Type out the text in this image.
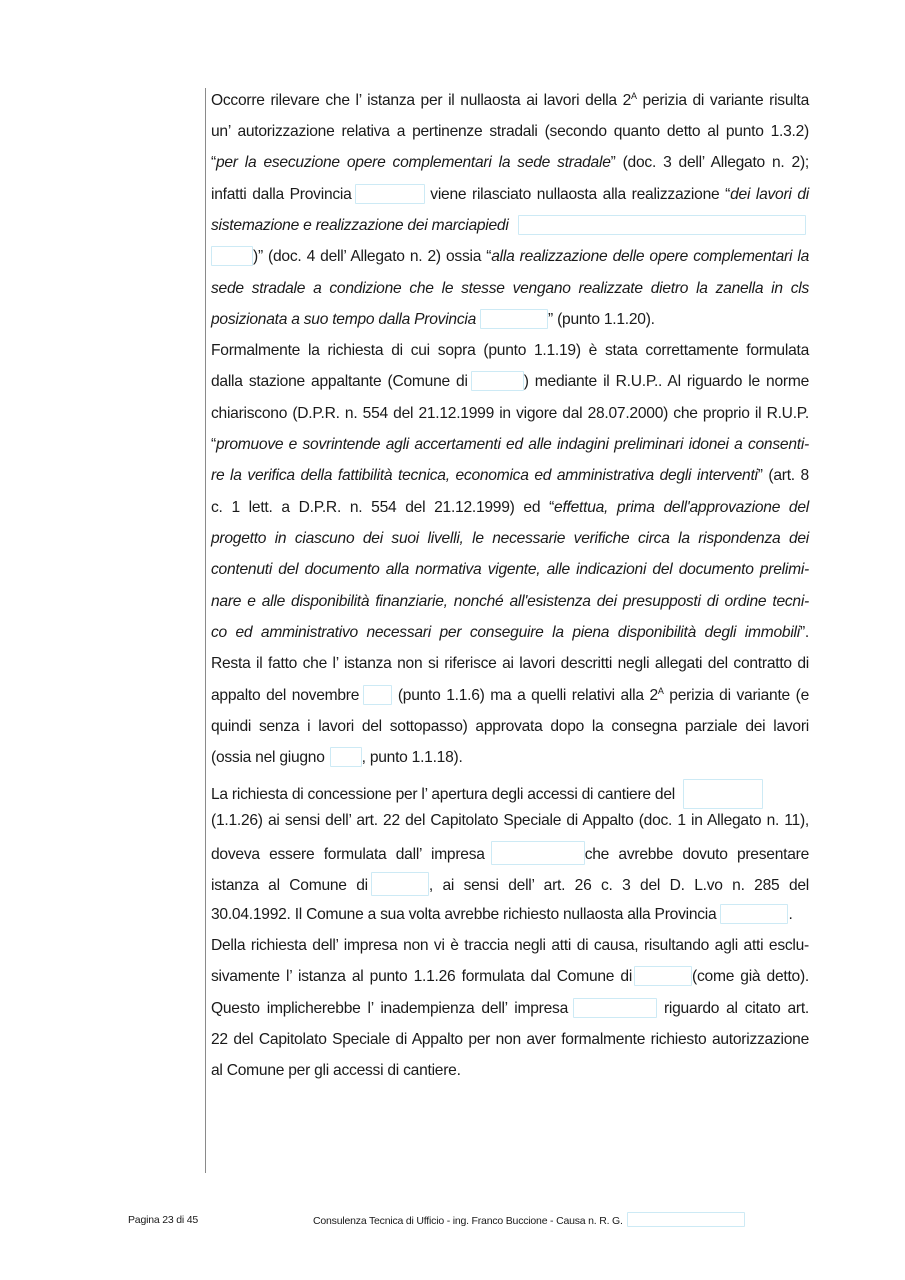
Occorre rilevare che l’ istanza per il nullaosta ai lavori della $2^A$ perizia di variante risulta
un’ autorizzazione relativa a pertinenze stradali (secondo quanto detto al punto 1.3.2)
“per la esecuzione opere complementari la sede stradale” (doc. 3 dell’ Allegato n. 2);
infatti dalla Provincia	viene rilasciato nullaosta alla realizzazione “dei lavori di
sistemazione e realizzazione dei marciapiedi
)” (doc. 4 dell’ Allegato n. 2) ossia “alla realizzazione delle opere complementari la
sede stradale a condizione che le stesse vengano realizzate dietro la zanella in cls
posizionata a suo tempo dalla Provincia	” (punto 1.1.20).
Formalmente la richiesta di cui sopra (punto 1.1.19) è stata correttamente formulata
dalla stazione appaltante (Comune di	) mediante il R.U.P.. Al riguardo le norme
chiariscono (D.P.R. n. 554 del 21.12.1999 in vigore dal 28.07.2000) che proprio il R.U.P.
“promuove e sovrintende agli accertamenti ed alle indagini preliminari idonei a consenti-
re la verifica della fattibilità tecnica, economica ed amministrativa degli interventi” (art. 8
c. 1 lett. a D.P.R. n. 554 del 21.12.1999) ed “effettua, prima dell'approvazione del
progetto in ciascuno dei suoi livelli, le necessarie verifiche circa la rispondenza dei
contenuti del documento alla normativa vigente, alle indicazioni del documento prelimi-
nare e alle disponibilità finanziarie, nonché all'esistenza dei presupposti di ordine tecni-
co ed amministrativo necessari per conseguire la piena disponibilità degli immobili”.
Resta il fatto che l’ istanza non si riferisce ai lavori descritti negli allegati del contratto di
appalto del novembre (punto 1.1.6) ma a quelli relativi alla $2^A$ perizia di variante (e
quindi senza i lavori del sottopasso) approvata dopo la consegna parziale dei lavori
(ossia nel giugno , punto 1.1.18).
La richiesta di concessione per l’ apertura degli accessi di cantiere del
(1.1.26) ai sensi dell’ art. 22 del Capitolato Speciale di Appalto (doc. 1 in Allegato n. 11),
doveva essere formulata dall’ impresa	che avrebbe dovuto presentare
istanza al Comune di	, ai sensi dell’ art. 26 c. 3 del D. L.vo n. 285 del
30.04.1992. Il Comune a sua volta avrebbe richiesto nullaosta alla Provincia	.
Della richiesta dell’ impresa non vi è traccia negli atti di causa, risultando agli atti esclu-
sivamente l’ istanza al punto 1.1.26 formulata dal Comune di	(come già detto).
Questo implicherebbe l’ inadempienza dell’ impresa	riguardo al citato art.
22 del Capitolato Speciale di Appalto per non aver formalmente richiesto autorizzazione
al Comune per gli accessi di cantiere.
Pagina 23 di 45	Consulenza Tecnica di Ufficio - ing. Franco Buccione - Causa n. R. G.
